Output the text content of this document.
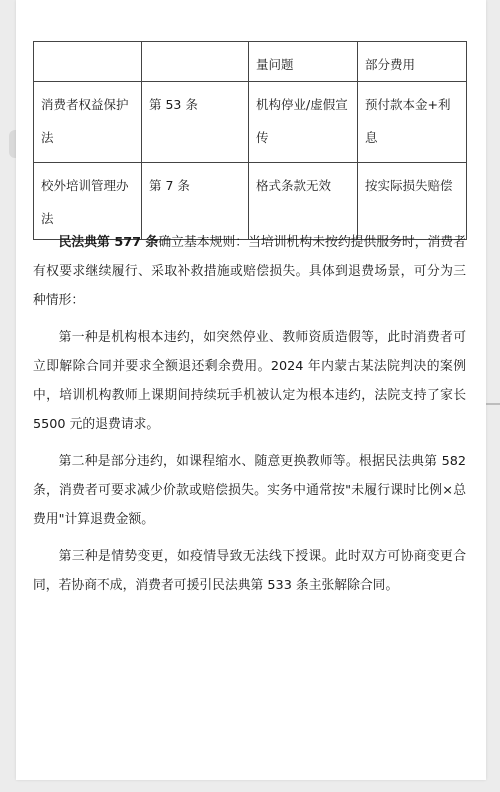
		量问题	部分费用
消费者权益保护法	第 53 条	机构停业/虚假宣传	预付款本金+利息
校外培训管理办法	第 7 条	格式条款无效	按实际损失赔偿

民法典第 577 条确立基本规则：当培训机构未按约提供服务时，消费者有权要求继续履行、采取补救措施或赔偿损失。具体到退费场景，可分为三种情形：

第一种是机构根本违约，如突然停业、教师资质造假等，此时消费者可立即解除合同并要求全额退还剩余费用。2024 年内蒙古某法院判决的案例中，培训机构教师上课期间持续玩手机被认定为根本违约，法院支持了家长 5500 元的退费请求。

第二种是部分违约，如课程缩水、随意更换教师等。根据民法典第 582 条，消费者可要求减少价款或赔偿损失。实务中通常按"未履行课时比例×总费用"计算退费金额。

第三种是情势变更，如疫情导致无法线下授课。此时双方可协商变更合同，若协商不成，消费者可援引民法典第 533 条主张解除合同。
